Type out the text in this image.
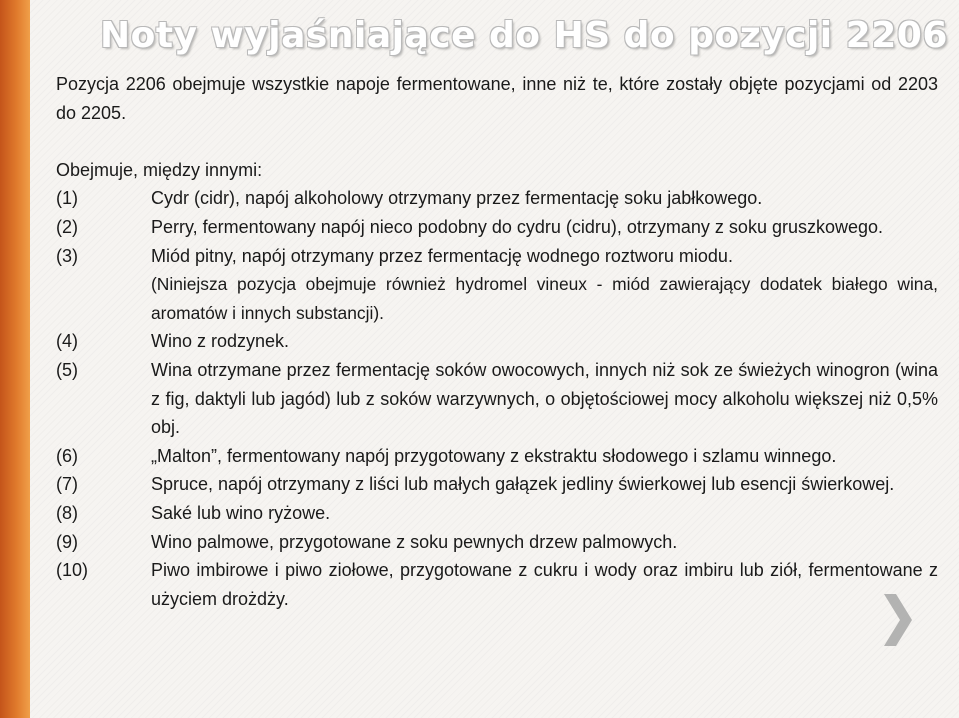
Noty wyjaśniające do HS do pozycji 2206

Pozycja 2206 obejmuje wszystkie napoje fermentowane, inne niż te, które zostały objęte pozycjami od 2203 do 2205.

Obejmuje, między innymi:

(1)	Cydr (cidr), napój alkoholowy otrzymany przez fermentację soku jabłkowego.
(2)	Perry, fermentowany napój nieco podobny do cydru (cidru), otrzymany z soku gruszkowego.
(3)	Miód pitny, napój otrzymany przez fermentację wodnego roztworu miodu.
(Niniejsza pozycja obejmuje również hydromel vineux - miód zawierający dodatek białego wina, aromatów i innych substancji).
(4)	Wino z rodzynek.
(5)	Wina otrzymane przez fermentację soków owocowych, innych niż sok ze świeżych winogron (wina z fig, daktyli lub jagód) lub z soków warzywnych, o objętościowej mocy alkoholu większej niż 0,5% obj.
(6)	„Malton”, fermentowany napój przygotowany z ekstraktu słodowego i szlamu winnego.
(7)	Spruce, napój otrzymany z liści lub małych gałązek jedliny świerkowej lub esencji świerkowej.
(8)	Saké lub wino ryżowe.
(9)	Wino palmowe, przygotowane z soku pewnych drzew palmowych.
(10)	Piwo imbirowe i piwo ziołowe, przygotowane z cukru i wody oraz imbiru lub ziół, fermentowane z użyciem drożdży.
